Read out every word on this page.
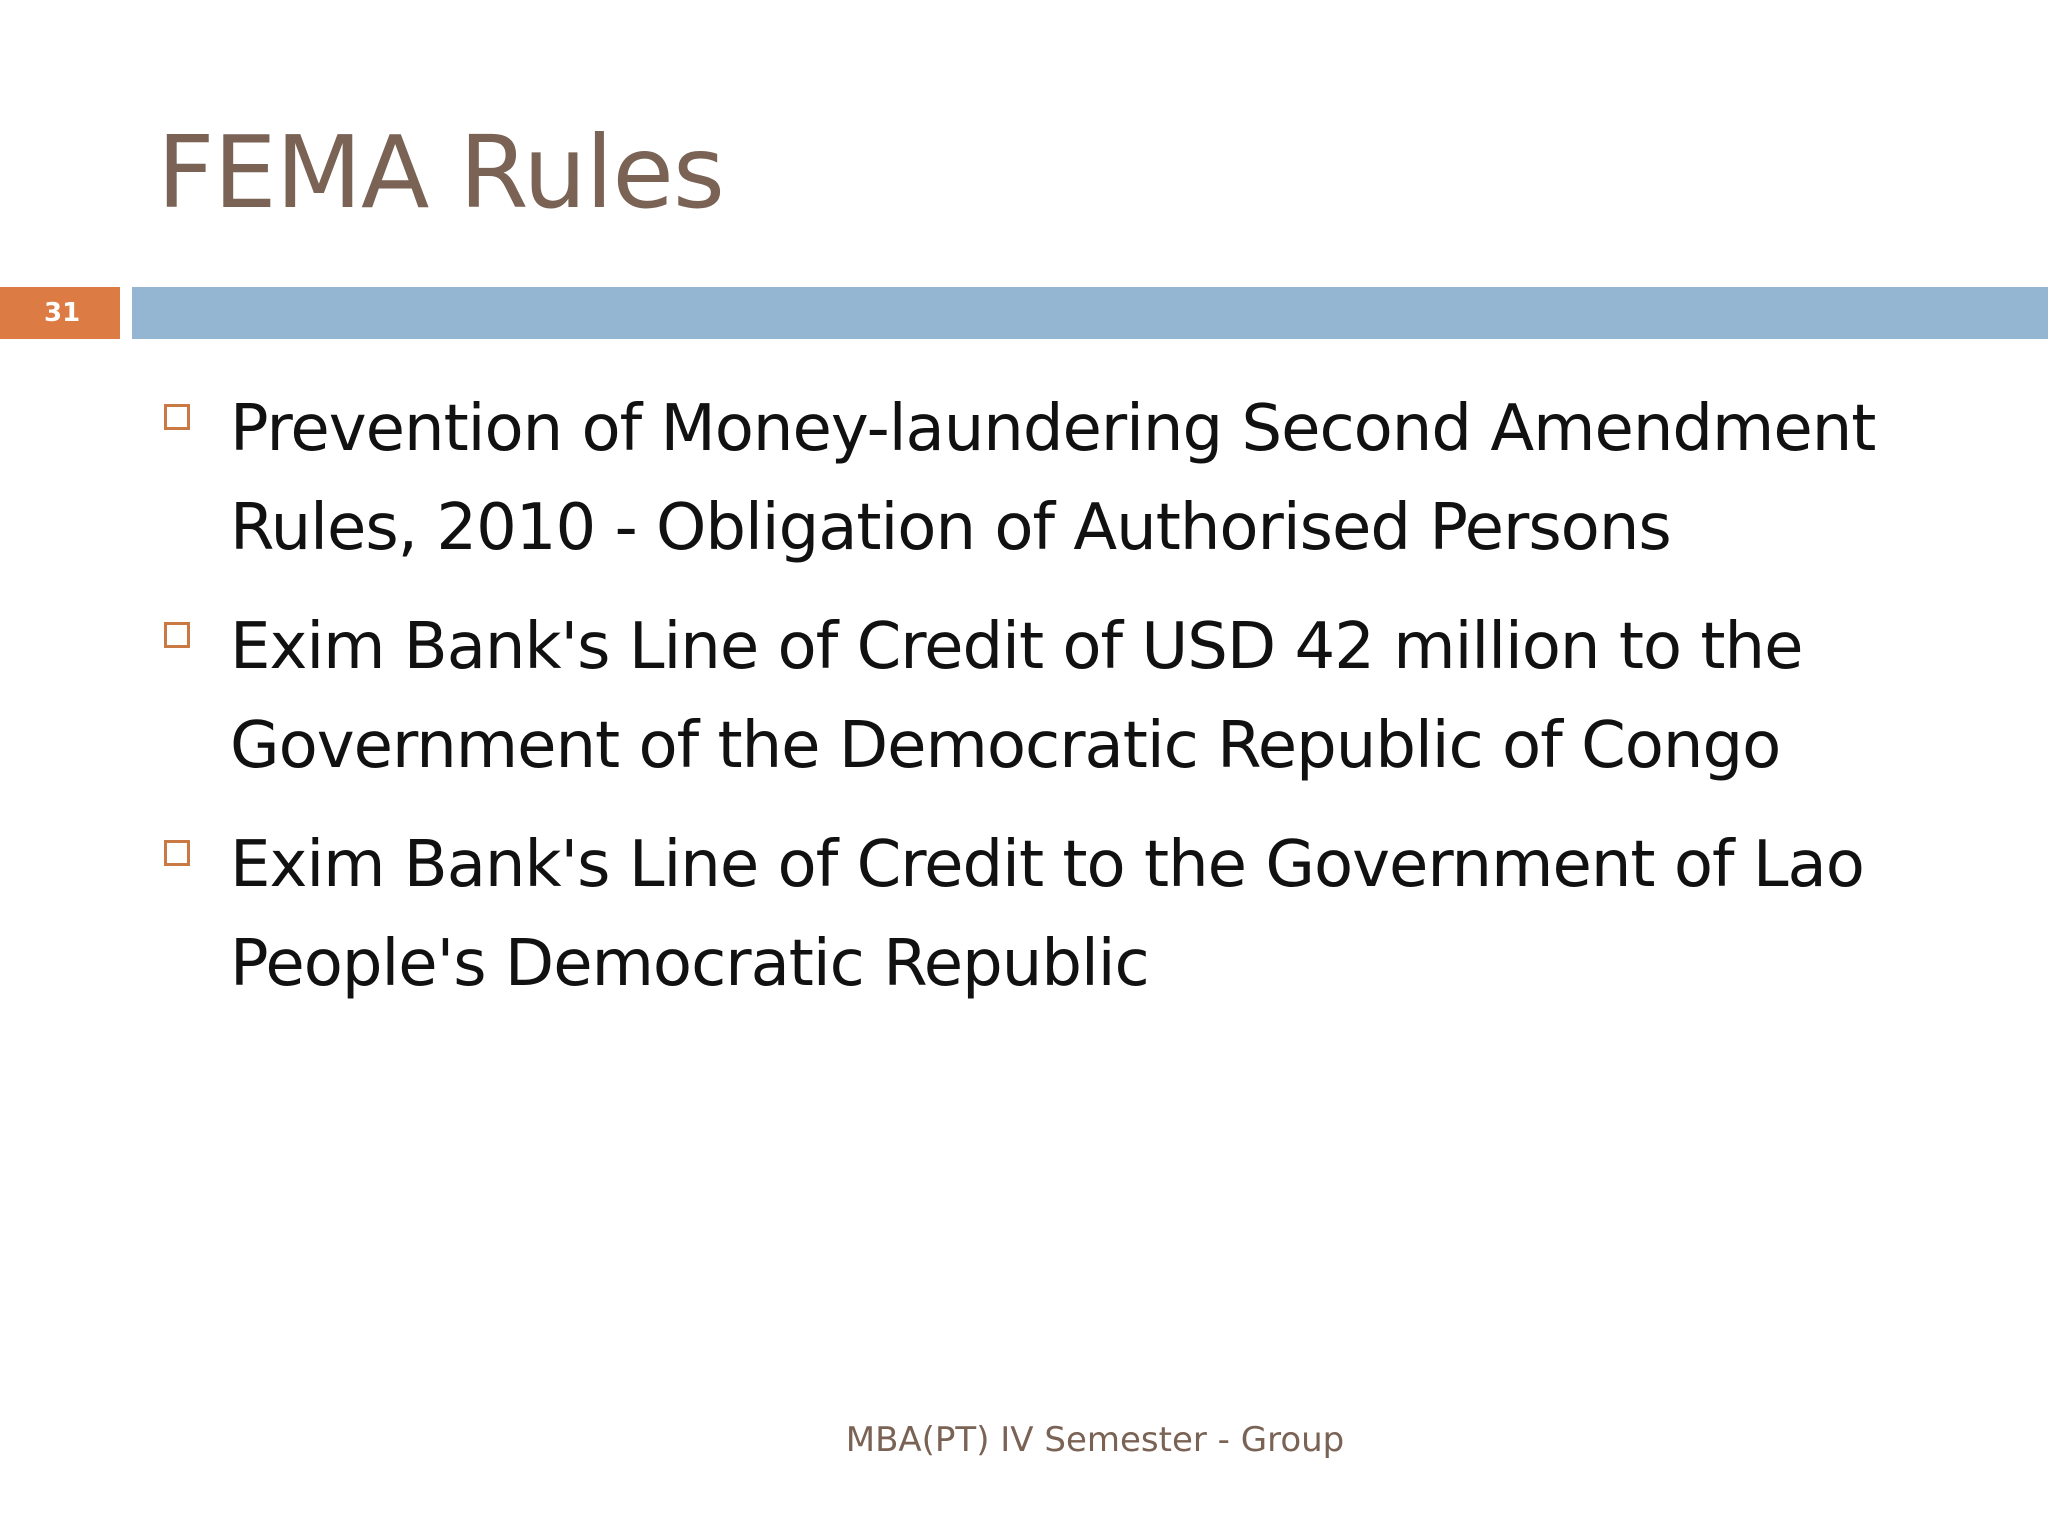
FEMA Rules
31
Prevention of Money-laundering Second Amendment Rules, 2010 - Obligation of Authorised Persons
Exim Bank's Line of Credit of USD 42 million to the Government of the Democratic Republic of Congo
Exim Bank's Line of Credit to the Government of Lao People's Democratic Republic
MBA(PT) IV Semester - Group
